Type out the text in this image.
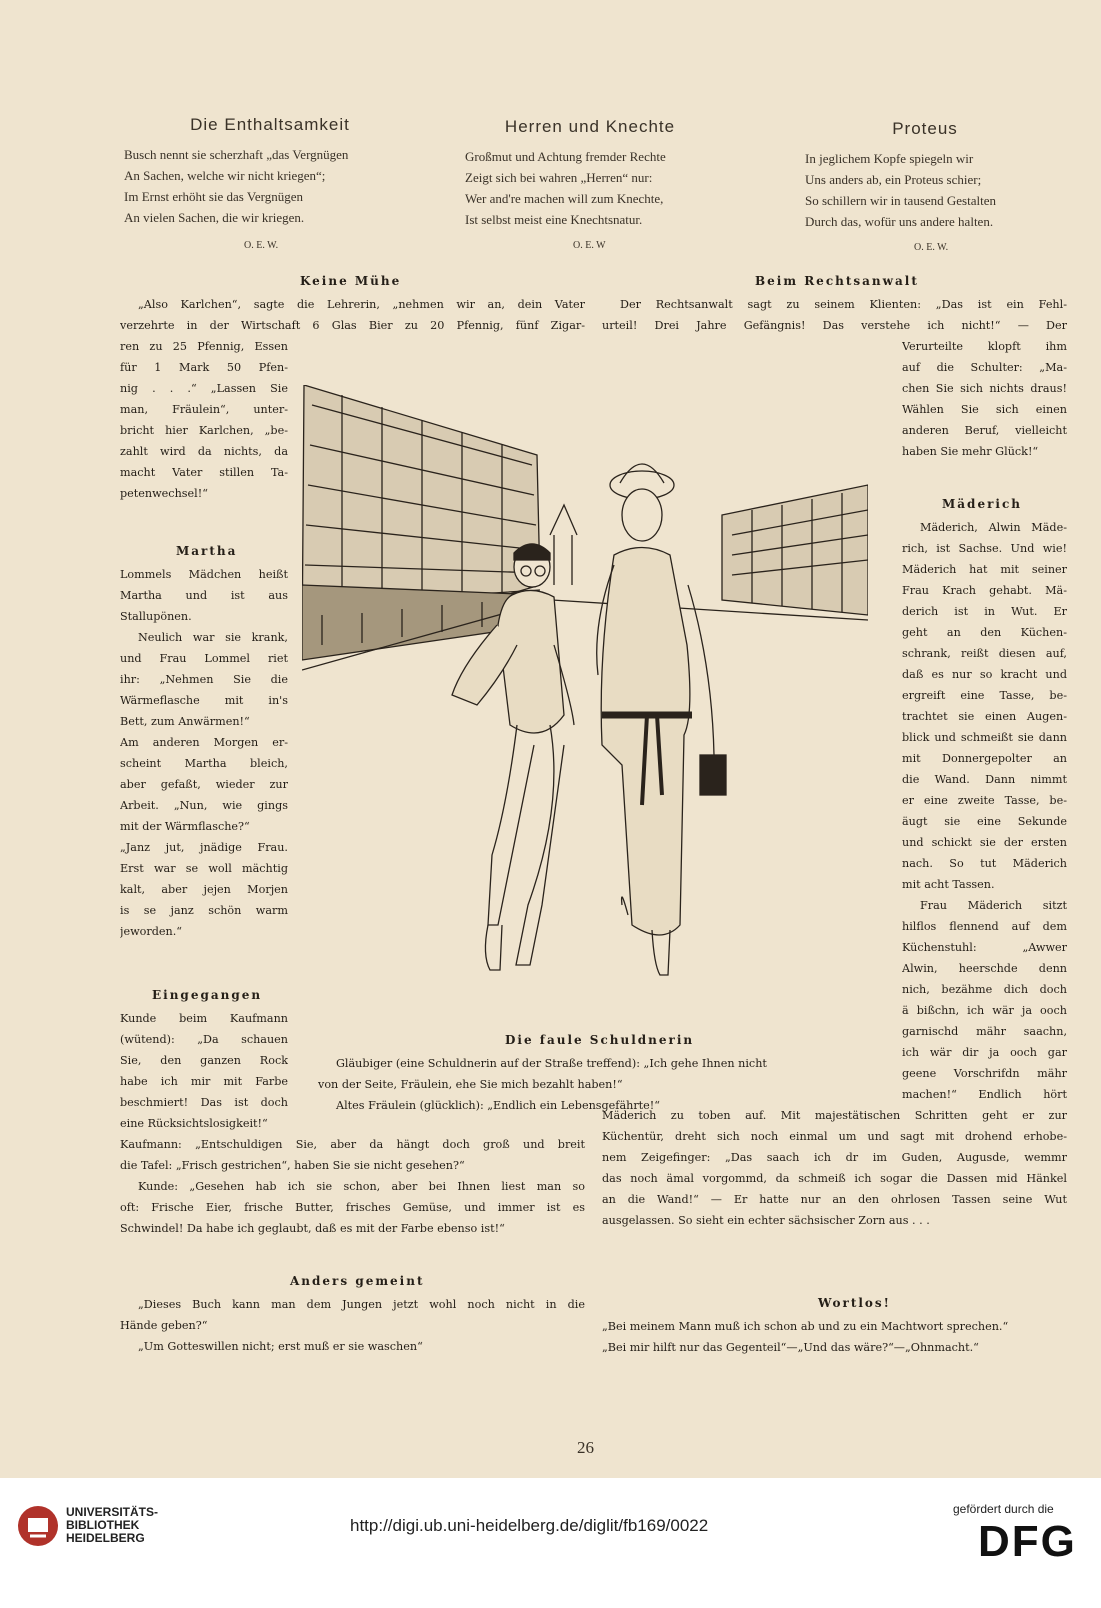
Die Enthaltsamkeit
Busch nennt sie scherzhaft „das Vergnügen
An Sachen, welche wir nicht kriegen“;
Im Ernst erhöht sie das Vergnügen
An vielen Sachen, die wir kriegen.
O. E. W.
Herren und Knechte
Großmut und Achtung fremder Rechte
Zeigt sich bei wahren „Herren“ nur:
Wer and're machen will zum Knechte,
Ist selbst meist eine Knechtsnatur.
O. E. W
Proteus
In jeglichem Kopfe spiegeln wir
Uns anders ab, ein Proteus schier;
So schillern wir in tausend Gestalten
Durch das, wofür uns andere halten.
O. E. W.
Keine Mühe
„Also Karlchen“, sagte die Lehrerin, „nehmen wir an, dein Vater
verzehrte in der Wirtschaft 6 Glas Bier zu 20 Pfennig, fünf Zigar-
ren zu 25 Pfennig, Essen
für 1 Mark 50 Pfen-
nig . . .“ „Lassen Sie
man, Fräulein“, unter-
bricht hier Karlchen, „be-
zahlt wird da nichts, da
macht Vater stillen Ta-
petenwechsel!“
Martha
Lommels Mädchen heißt
Martha und ist aus
Stallupönen.
Neulich war sie krank,
und Frau Lommel riet
ihr: „Nehmen Sie die
Wärmeflasche mit in's
Bett, zum Anwärmen!“
Am anderen Morgen er-
scheint Martha bleich,
aber gefaßt, wieder zur
Arbeit. „Nun, wie gings
mit der Wärmflasche?“
„Janz jut, jnädige Frau.
Erst war se woll mächtig
kalt, aber jejen Morjen
is se janz schön warm
jeworden.“
Eingegangen
Kunde beim Kaufmann
(wütend): „Da schauen
Sie, den ganzen Rock
habe ich mir mit Farbe
beschmiert! Das ist doch
eine Rücksichtslosigkeit!“
Kaufmann: „Entschuldigen Sie, aber da hängt doch groß und breit
die Tafel: „Frisch gestrichen“, haben Sie sie nicht gesehen?“
Kunde: „Gesehen hab ich sie schon, aber bei Ihnen liest man so
oft: Frische Eier, frische Butter, frisches Gemüse, und immer ist es
Schwindel! Da habe ich geglaubt, daß es mit der Farbe ebenso ist!“
Anders gemeint
„Dieses Buch kann man dem Jungen jetzt wohl noch nicht in die
Hände geben?“
„Um Gotteswillen nicht; erst muß er sie waschen“
Beim Rechtsanwalt
Der Rechtsanwalt sagt zu seinem Klienten: „Das ist ein Fehl-
urteil! Drei Jahre Gefängnis! Das verstehe ich nicht!“ — Der
Verurteilte klopft ihm
auf die Schulter: „Ma-
chen Sie sich nichts draus!
Wählen Sie sich einen
anderen Beruf, vielleicht
haben Sie mehr Glück!“
Mäderich
Mäderich, Alwin Mäde-
rich, ist Sachse. Und wie!
Mäderich hat mit seiner
Frau Krach gehabt. Mä-
derich ist in Wut. Er
geht an den Küchen-
schrank, reißt diesen auf,
daß es nur so kracht und
ergreift eine Tasse, be-
trachtet sie einen Augen-
blick und schmeißt sie dann
mit Donnergepolter an
die Wand. Dann nimmt
er eine zweite Tasse, be-
äugt sie eine Sekunde
und schickt sie der ersten
nach. So tut Mäderich
mit acht Tassen.
Frau Mäderich sitzt
hilflos flennend auf dem
Küchenstuhl: „Awwer
Alwin, heerschde denn
nich, bezähme dich doch
ä bißchn, ich wär ja ooch
garnischd mähr saachn,
ich wär dir ja ooch gar
geene Vorschrifdn mähr
machen!“ Endlich hört
Mäderich zu toben auf. Mit majestätischen Schritten geht er zur
Küchentür, dreht sich noch einmal um und sagt mit drohend erhobe-
nem Zeigefinger: „Das saach ich dr im Guden, Augusde, wemmr
das noch ämal vorgommd, da schmeiß ich sogar die Dassen mid Hänkel
an die Wand!“ — Er hatte nur an den ohrlosen Tassen seine Wut
ausgelassen. So sieht ein echter sächsischer Zorn aus . . .
Die faule Schuldnerin
Gläubiger (eine Schuldnerin auf der Straße treffend): „Ich gehe Ihnen nicht
von der Seite, Fräulein, ehe Sie mich bezahlt haben!“
Altes Fräulein (glücklich): „Endlich ein Lebensgefährte!“
Wortlos!
„Bei meinem Mann muß ich schon ab und zu ein Machtwort sprechen.“
„Bei mir hilft nur das Gegenteil“—„Und das wäre?“—„Ohnmacht.“
26
UNIVERSITÄTS-
BIBLIOTHEK
HEIDELBERG
http://digi.ub.uni-heidelberg.de/diglit/fb169/0022
gefördert durch die
DFG
